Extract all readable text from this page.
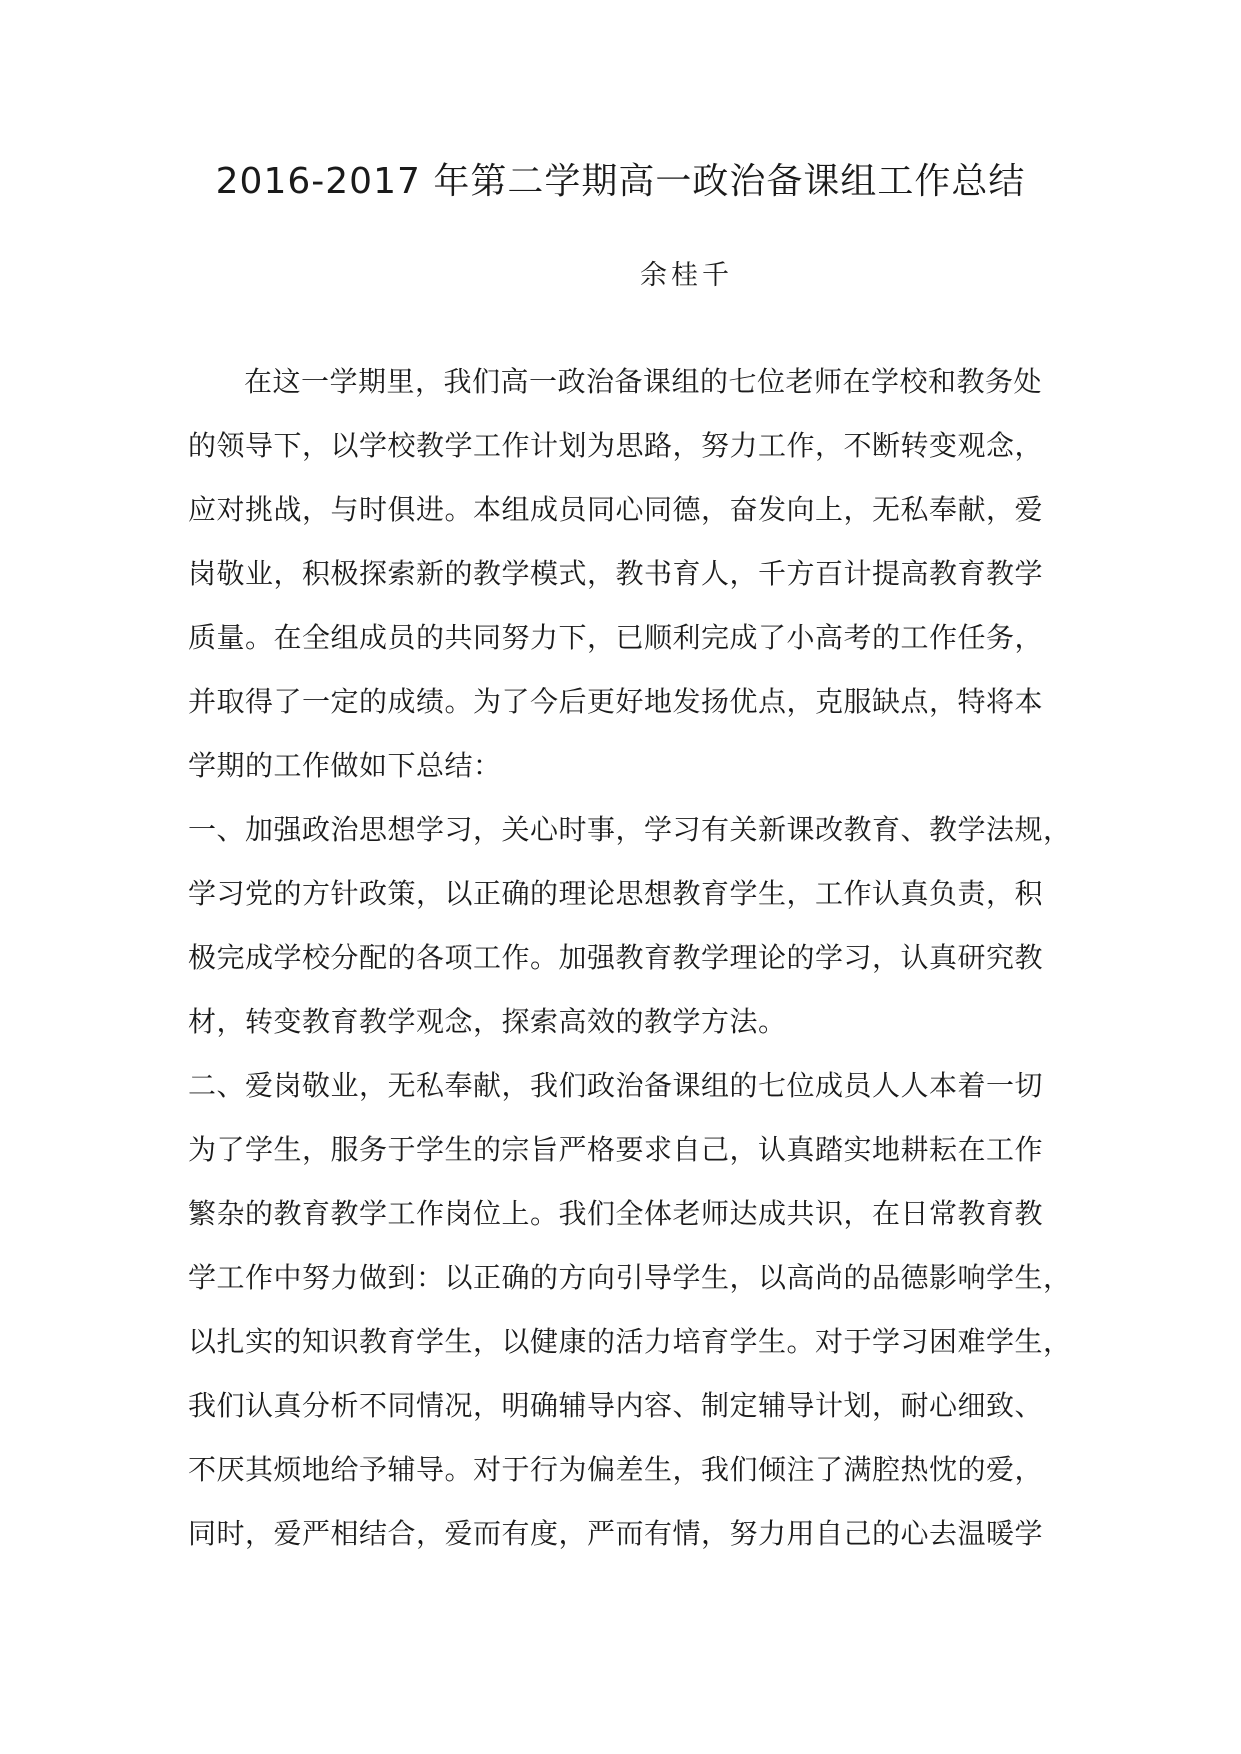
2016-2017 年第二学期高一政治备课组工作总结
余桂千
在这一学期里，我们高一政治备课组的七位老师在学校和教务处
的领导下，以学校教学工作计划为思路，努力工作，不断转变观念，
应对挑战，与时俱进。本组成员同心同德，奋发向上，无私奉献，爱
岗敬业，积极探索新的教学模式，教书育人，千方百计提高教育教学
质量。在全组成员的共同努力下，已顺利完成了小高考的工作任务，
并取得了一定的成绩。为了今后更好地发扬优点，克服缺点，特将本
学期的工作做如下总结：
一、加强政治思想学习，关心时事，学习有关新课改教育、教学法规，
学习党的方针政策，以正确的理论思想教育学生，工作认真负责，积
极完成学校分配的各项工作。加强教育教学理论的学习，认真研究教
材，转变教育教学观念，探索高效的教学方法。
二、爱岗敬业，无私奉献，我们政治备课组的七位成员人人本着一切
为了学生，服务于学生的宗旨严格要求自己，认真踏实地耕耘在工作
繁杂的教育教学工作岗位上。我们全体老师达成共识，在日常教育教
学工作中努力做到：以正确的方向引导学生，以高尚的品德影响学生，
以扎实的知识教育学生，以健康的活力培育学生。对于学习困难学生，
我们认真分析不同情况，明确辅导内容、制定辅导计划，耐心细致、
不厌其烦地给予辅导。对于行为偏差生，我们倾注了满腔热忱的爱，
同时，爱严相结合，爱而有度，严而有情，努力用自己的心去温暖学
